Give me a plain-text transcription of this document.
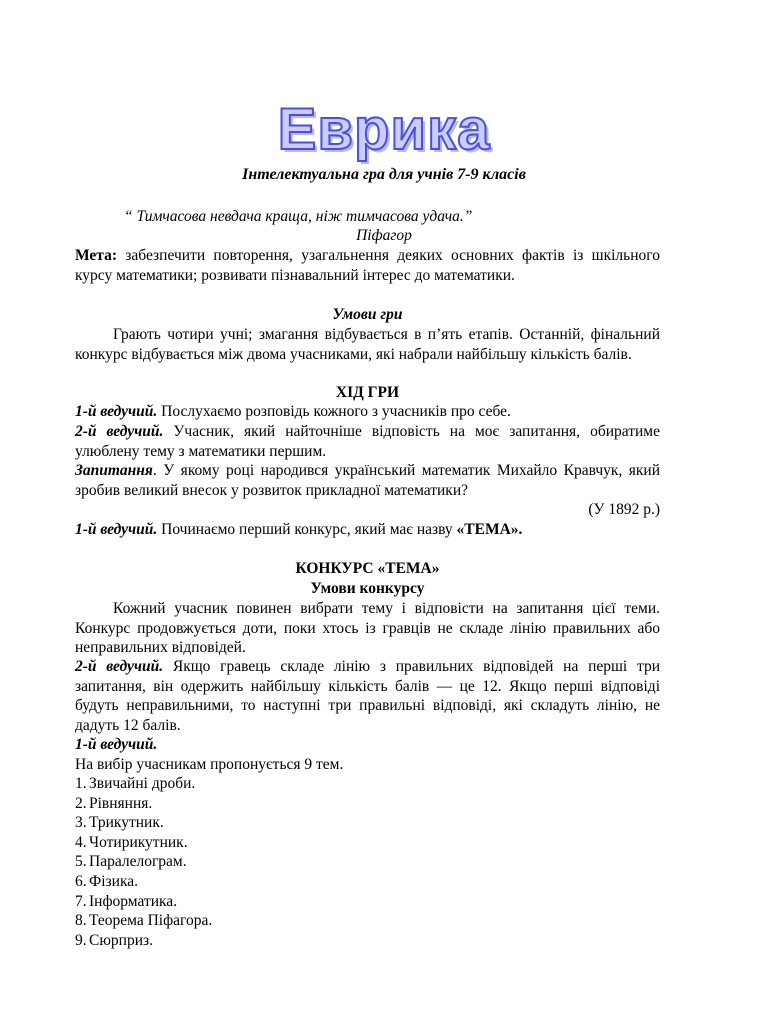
Еврика
Інтелектуальна гра для учнів 7-9 класів
“ Тимчасова невдача краща, ніж тимчасова удача.”
Піфагор
Мета: забезпечити повторення, узагальнення деяких основних фактів із шкільного курсу математики; розвивати пізнавальний інтерес до математики.
Умови гри
Грають чотири учні; змагання відбувається в п’ять етапів. Останній, фінальний конкурс відбувається між двома учасниками, які набрали найбільшу кількість балів.
ХІД ГРИ
1-й ведучий. Послухаємо розповідь кожного з учасників про себе.
2-й ведучий. Учасник, який найточніше відповість на моє запитання, обиратиме улюблену тему з математики першим.
Запитання. У якому році народився український математик Михайло Кравчук, який зробив великий внесок у розвиток прикладної математики?
(У 1892 р.)
1-й ведучий. Починаємо перший конкурс, який має назву «ТЕМА».
КОНКУРС «ТЕМА»
Умови конкурсу
Кожний учасник повинен вибрати тему і відповісти на запитання цієї теми. Конкурс продовжується доти, поки хтось із гравців не складе лінію правильних або неправильних відповідей.
2-й ведучий. Якщо гравець складе лінію з правильних відповідей на перші три запитання, він одержить найбільшу кількість балів — це 12. Якщо перші відповіді будуть неправильними, то наступні три правильні відповіді, які складуть лінію, не дадуть 12 балів.
1-й ведучий.
На вибір учасникам пропонується 9 тем.
1. Звичайні дроби.
2. Рівняння.
3. Трикутник.
4. Чотирикутник.
5. Паралелограм.
6. Фізика.
7. Інформатика.
8. Теорема Піфагора.
9. Сюрприз.
